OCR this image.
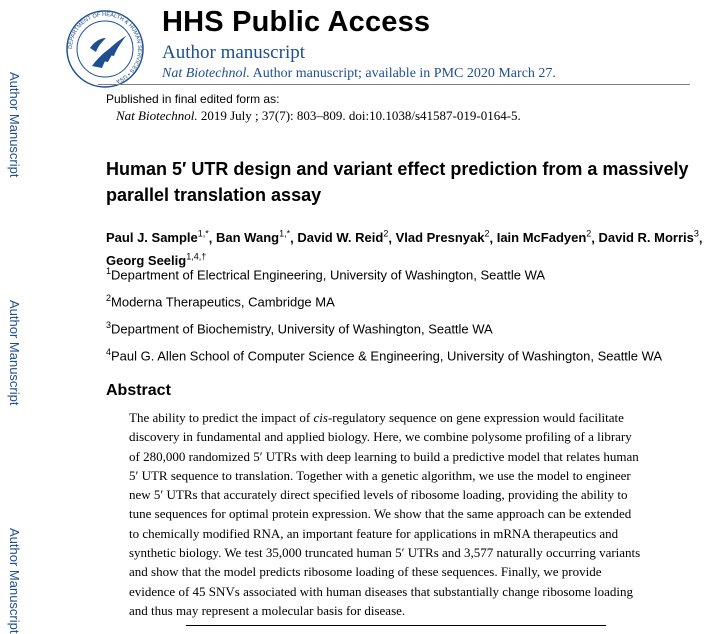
Author Manuscript
Author Manuscript
Author Manuscript
DEPARTMENT OF HEALTH & HUMAN SERVICES • USA
HHS Public Access
Author manuscript
Nat Biotechnol. Author manuscript; available in PMC 2020 March 27.
Published in final edited form as:
Nat Biotechnol. 2019 July ; 37(7): 803–809. doi:10.1038/s41587-019-0164-5.
Human 5′ UTR design and variant effect prediction from a massively parallel translation assay
Paul J. Sample$^{1,*}$, Ban Wang$^{1,*}$, David W. Reid$^2$, Vlad Presnyak$^2$, Iain McFadyen$^2$, David R. Morris$^3$, Georg Seelig$^{1,4,\dagger}$
$^1$Department of Electrical Engineering, University of Washington, Seattle WA
$^2$Moderna Therapeutics, Cambridge MA
$^3$Department of Biochemistry, University of Washington, Seattle WA
$^4$Paul G. Allen School of Computer Science & Engineering, University of Washington, Seattle WA
Abstract
The ability to predict the impact of cis-regulatory sequence on gene expression would facilitate
discovery in fundamental and applied biology. Here, we combine polysome profiling of a library
of 280,000 randomized 5′ UTRs with deep learning to build a predictive model that relates human
5′ UTR sequence to translation. Together with a genetic algorithm, we use the model to engineer
new 5′ UTRs that accurately direct specified levels of ribosome loading, providing the ability to
tune sequences for optimal protein expression. We show that the same approach can be extended
to chemically modified RNA, an important feature for applications in mRNA therapeutics and
synthetic biology. We test 35,000 truncated human 5′ UTRs and 3,577 naturally occurring variants
and show that the model predicts ribosome loading of these sequences. Finally, we provide
evidence of 45 SNVs associated with human diseases that substantially change ribosome loading
and thus may represent a molecular basis for disease.
